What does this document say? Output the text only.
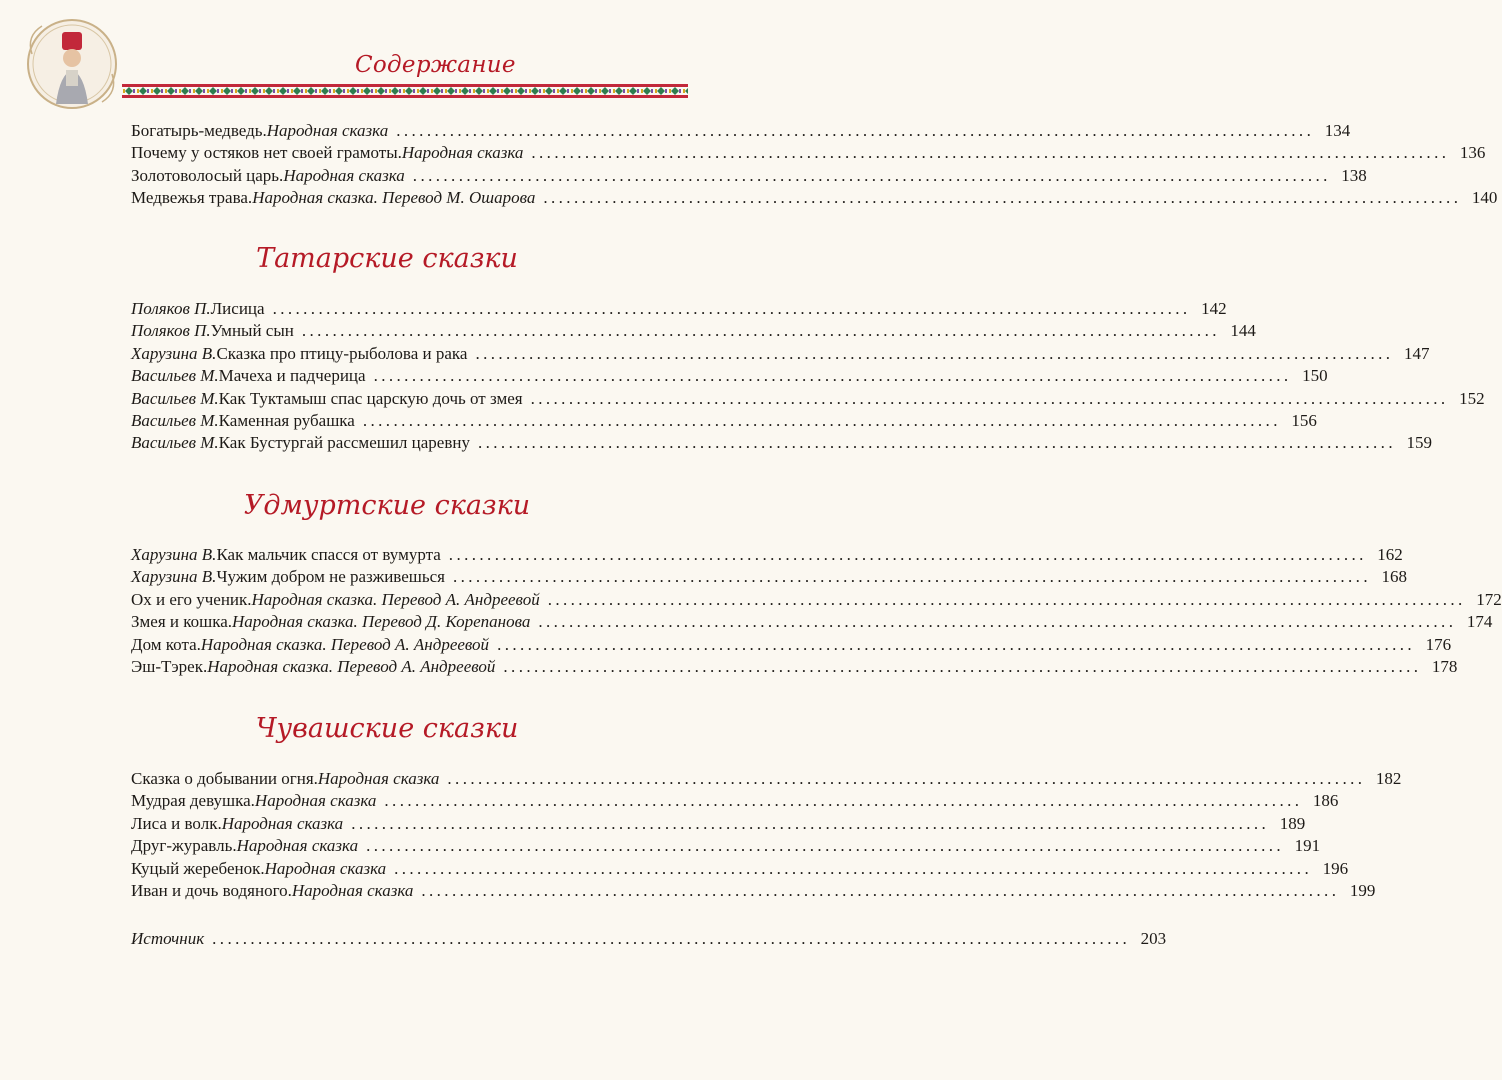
Содержание
Богатырь-медведь. Народная сказка ........................................................................................................................ 134
Почему у остяков нет своей грамоты. Народная сказка ........................................................................................................................ 136
Золотоволосый царь. Народная сказка ........................................................................................................................ 138
Медвежья трава. Народная сказка. Перевод М. Ошарова ........................................................................................................................ 140
Татарские сказки
Поляков П. Лисица ........................................................................................................................ 142
Поляков П. Умный сын ........................................................................................................................ 144
Харузина В. Сказка про птицу-рыболова и рака ........................................................................................................................ 147
Васильев М. Мачеха и падчерица ........................................................................................................................ 150
Васильев М. Как Туктамыш спас царскую дочь от змея ........................................................................................................................ 152
Васильев М. Каменная рубашка ........................................................................................................................ 156
Васильев М. Как Бустургай рассмешил царевну ........................................................................................................................ 159
Удмуртские сказки
Харузина В. Как мальчик спасся от вумурта ........................................................................................................................ 162
Харузина В. Чужим добром не разживешься ........................................................................................................................ 168
Ох и его ученик. Народная сказка. Перевод А. Андреевой ........................................................................................................................ 172
Змея и кошка. Народная сказка. Перевод Д. Корепанова ........................................................................................................................ 174
Дом кота. Народная сказка. Перевод А. Андреевой ........................................................................................................................ 176
Эш-Тэрек. Народная сказка. Перевод А. Андреевой ........................................................................................................................ 178
Чувашские сказки
Сказка о добывании огня. Народная сказка ........................................................................................................................ 182
Мудрая девушка. Народная сказка ........................................................................................................................ 186
Лиса и волк. Народная сказка ........................................................................................................................ 189
Друг-журавль. Народная сказка ........................................................................................................................ 191
Куцый жеребенок. Народная сказка ........................................................................................................................ 196
Иван и дочь водяного. Народная сказка ........................................................................................................................ 199
Источник ........................................................................................................................ 203
